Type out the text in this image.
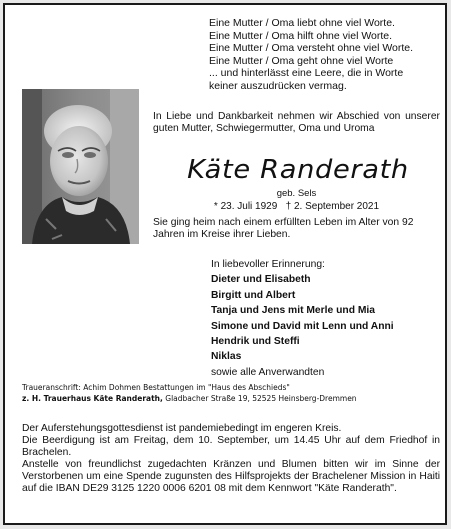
Eine Mutter / Oma liebt ohne viel Worte.
Eine Mutter / Oma hilft ohne viel Worte.
Eine Mutter / Oma versteht ohne viel Worte.
Eine Mutter / Oma geht ohne viel Worte
... und hinterlässt eine Leere, die in Worte
keiner auszudrücken vermag.
In Liebe und Dankbarkeit nehmen wir Abschied von unserer guten Mutter, Schwiegermutter, Oma und Uroma
Käte Randerath
geb. Sels
* 23. Juli 1929 † 2. September 2021
Sie ging heim nach einem erfüllten Leben im Alter von 92 Jahren im Kreise ihrer Lieben.
In liebevoller Erinnerung:
Dieter und Elisabeth
Birgitt und Albert
Tanja und Jens mit Merle und Mia
Simone und David mit Lenn und Anni
Hendrik und Steffi
Niklas
sowie alle Anverwandten
Traueranschrift: Achim Dohmen Bestattungen im "Haus des Abschieds"
z. H. Trauerhaus Käte Randerath, Gladbacher Straße 19, 52525 Heinsberg-Dremmen

Der Auferstehungsgottesdienst ist pandemiebedingt im engeren Kreis.

Die Beerdigung ist am Freitag, dem 10. September, um 14.45 Uhr auf dem Friedhof in Brachelen.

Anstelle von freundlichst zugedachten Kränzen und Blumen bitten wir im Sinne der Verstorbenen um eine Spende zugunsten des Hilfsprojekts der Brachelener Mission in Haiti auf die IBAN DE29 3125 1220 0006 6201 08 mit dem Kennwort "Käte Randerath".
